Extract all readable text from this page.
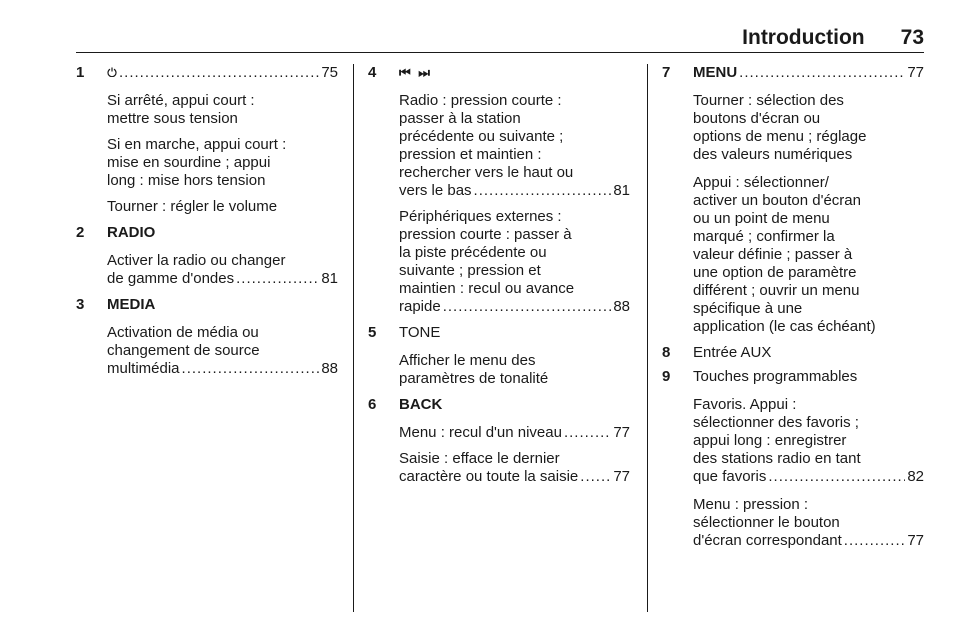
Introduction 73
1 .....	75
Si arrêté, appui court :
mettre sous tension
Si en marche, appui court :
mise en sourdine ; appui
long : mise hors tension
Tourner : régler le volume
2 RADIO
Activer la radio ou changer
de gamme d'ondes .....	81
3 MEDIA
Activation de média ou
changement de source
multimédia .....	88
4 ⏮ ⏭
Radio : pression courte :
passer à la station
précédente ou suivante ;
pression et maintien :
rechercher vers le haut ou
vers le bas .....	81
Périphériques externes :
pression courte : passer à
la piste précédente ou
suivante ; pression et
maintien : recul ou avance
rapide .....	88
5 TONE
Afficher le menu des
paramètres de tonalité
6 BACK
Menu : recul d'un niveau .....	77
Saisie : efface le dernier
caractère ou toute la saisie ..... 77
7 MENU .....	77
Tourner : sélection des
boutons d'écran ou
options de menu ; réglage
des valeurs numériques
Appui : sélectionner/
activer un bouton d'écran
ou un point de menu
marqué ; confirmer la
valeur définie ; passer à
une option de paramètre
différent ; ouvrir un menu
spécifique à une
application (le cas échéant)
8 Entrée AUX
9 Touches programmables
Favoris. Appui :
sélectionner des favoris ;
appui long : enregistrer
des stations radio en tant
que favoris .....	82
Menu : pression :
sélectionner le bouton
d'écran correspondant .....	77
